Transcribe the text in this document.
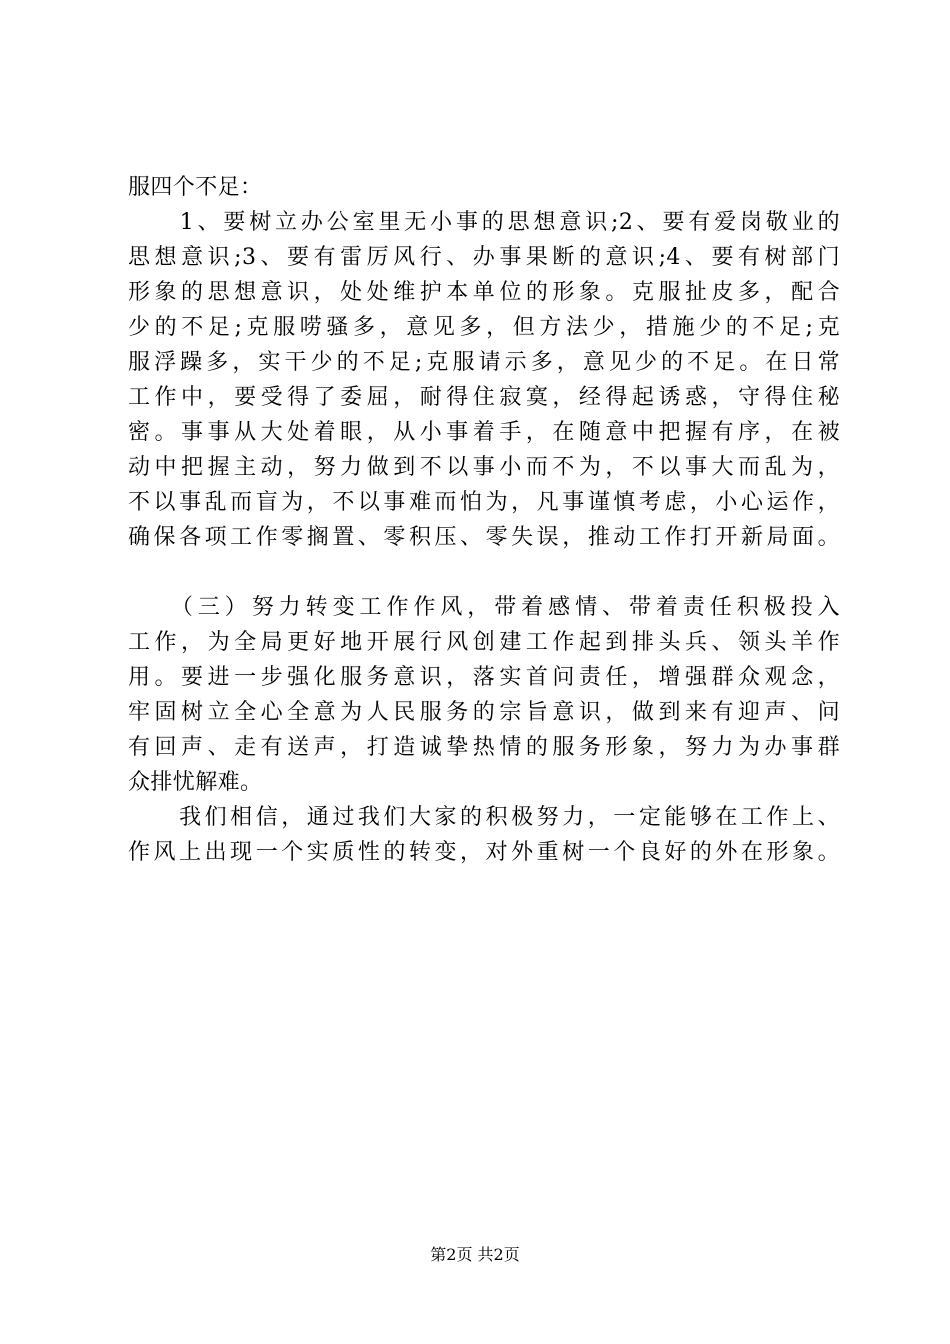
服四个不足：
　　1、要树立办公室里无小事的思想意识;2、要有爱岗敬业的
思想意识;3、要有雷厉风行、办事果断的意识;4、要有树部门
形象的思想意识，处处维护本单位的形象。克服扯皮多，配合
少的不足;克服唠骚多，意见多，但方法少，措施少的不足;克
服浮躁多，实干少的不足;克服请示多，意见少的不足。在日常
工作中，要受得了委屈，耐得住寂寞，经得起诱惑，守得住秘
密。事事从大处着眼，从小事着手，在随意中把握有序，在被
动中把握主动，努力做到不以事小而不为，不以事大而乱为，
不以事乱而盲为，不以事难而怕为，凡事谨慎考虑，小心运作，
确保各项工作零搁置、零积压、零失误，推动工作打开新局面。
　　（三）努力转变工作作风，带着感情、带着责任积极投入
工作，为全局更好地开展行风创建工作起到排头兵、领头羊作
用。要进一步强化服务意识，落实首问责任，增强群众观念，
牢固树立全心全意为人民服务的宗旨意识，做到来有迎声、问
有回声、走有送声，打造诚挚热情的服务形象，努力为办事群
众排忧解难。
　　我们相信，通过我们大家的积极努力，一定能够在工作上、
作风上出现一个实质性的转变，对外重树一个良好的外在形象。
第2页 共2页
